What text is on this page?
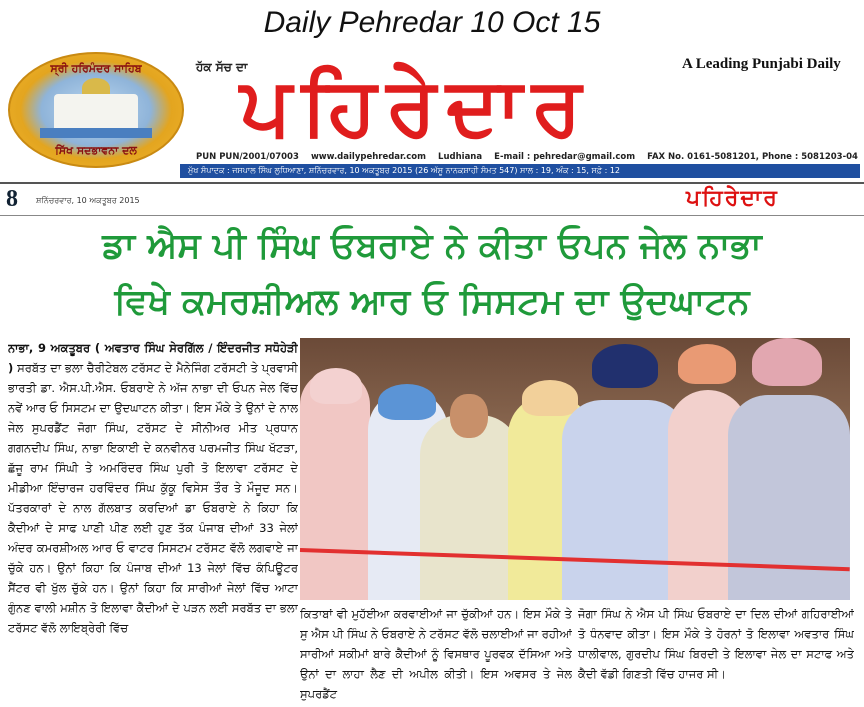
Daily Pehredar 10 Oct 15
ਸ੍ਰੀ ਹਰਿਮੰਦਰ ਸਾਹਿਬ
ਸਿੱਖ ਸਦਭਾਵਨਾ ਦਲ
ਹੱਕ ਸੱਚ ਦਾ
ਪਹਿਰੇਦਾਰ	A Leading Punjabi Daily
PUN PUN/2001/07003 www.dailypehredar.com Ludhiana E-mail : pehredar@gmail.com FAX No. 0161-5081201, Phone : 5081203-04
ਮੁੱਖ ਸੰਪਾਦਕ : ਜਸਪਾਲ ਸਿੰਘ ਲੁਧਿਆਣਾ, ਸ਼ਨਿੱਚਰਵਾਰ, 10 ਅਕਤੂਬਰ 2015 (26 ਅੱਸੂ ਨਾਨਕਸ਼ਾਹੀ ਸੰਮਤ 547) ਸਾਲ : 19, ਅੰਕ : 15, ਸਫ਼ੇ : 12
8 ਸ਼ਨਿੱਚਰਵਾਰ, 10 ਅਕਤੂਬਰ 2015	ਪਹਿਰੇਦਾਰ
ਡਾ ਐਸ ਪੀ ਸਿੰਘ ਓਬਰਾਏ ਨੇ ਕੀਤਾ ਓਪਨ ਜੇਲ ਨਾਭਾ
ਵਿਖੇ ਕਮਰਸ਼ੀਅਲ ਆਰ ਓ ਸਿਸਟਮ ਦਾ ਉਦਘਾਟਨ
ਨਾਭਾ, 9 ਅਕਤੂਬਰ ( ਅਵਤਾਰ ਸਿੰਘ ਸੇਰਗਿੱਲ / ਇੰਦਰਜੀਤ ਸਧੋਹੇੜੀ ) ਸਰਬੱਤ ਦਾ ਭਲਾ ਚੈਰੀਟੇਬਲ ਟਰੱਸਟ ਦੇ ਮੈਨੇਜਿੰਗ ਟਰੱਸਟੀ ਤੇ ਪ੍ਰਵਾਸੀ ਭਾਰਤੀ ਡਾ. ਐਸ.ਪੀ.ਐਸ. ਓਬਰਾਏ ਨੇ ਅੱਜ ਨਾਭਾ ਦੀ ਓਪਨ ਜੇਲ ਵਿੱਚ ਨਵੇਂ ਆਰ ਓ ਸਿਸਟਮ ਦਾ ਉਦਘਾਟਨ ਕੀਤਾ। ਇਸ ਮੌਕੇ ਤੇ ਉਨਾਂ ਦੇ ਨਾਲ ਜੇਲ ਸੁਪਰਡੈਂਟ ਜੋਗਾ ਸਿੰਘ, ਟਰੱਸਟ ਦੇ ਸੀਨੀਅਰ ਮੀਤ ਪ੍ਰਧਾਨ ਗਗਨਦੀਪ ਸਿੰਘ, ਨਾਭਾ ਇਕਾਈ ਦੇ ਕਨਵੀਨਰ ਪਰਮਜੀਤ ਸਿੰਘ ਖੱਟੜਾ, ਛੱਜੂ ਰਾਮ ਸਿੰਘੀ ਤੇ ਅਮਰਿੰਦਰ ਸਿੰਘ ਪੁਰੀ ਤੋ ਇਲਾਵਾ ਟਰੱਸਟ ਦੇ ਮੀਡੀਆ ਇੰਚਾਰਜ ਹਰਵਿੰਦਰ ਸਿੰਘ ਕੁੱਕੂ ਵਿਸੇਸ ਤੌਰ ਤੇ ਮੌਜੂਦ ਸਨ। ਪੱਤਰਕਾਰਾਂ ਦੇ ਨਾਲ ਗੱਲਬਾਤ ਕਰਦਿਆਂ ਡਾ ਓਬਰਾਏ ਨੇ ਕਿਹਾ ਕਿ ਕੈਦੀਆਂ ਦੇ ਸਾਫ ਪਾਣੀ ਪੀਣ ਲਈ ਹੁਣ ਤੱਕ ਪੰਜਾਬ ਦੀਆਂ 33 ਜੇਲਾਂ ਅੰਦਰ ਕਮਰਸ਼ੀਅਲ ਆਰ ਓ ਵਾਟਰ ਸਿਸਟਮ ਟਰੱਸਟ ਵੱਲੋ ਲਗਵਾਏ ਜਾ ਚੁੱਕੇ ਹਨ। ਉਨਾਂ ਕਿਹਾ ਕਿ ਪੰਜਾਬ ਦੀਆਂ 13 ਜੇਲਾਂ ਵਿੱਚ ਕੰਪਿਊਟਰ ਸੈਂਟਰ ਵੀ ਖੁੱਲ ਚੁੱਕੇ ਹਨ। ਉਨਾਂ ਕਿਹਾ ਕਿ ਸਾਰੀਆਂ ਜੇਲਾਂ ਵਿੱਚ ਆਟਾ ਗੁੰਨਣ ਵਾਲੀ ਮਸ਼ੀਨ ਤੋ ਇਲਾਵਾ ਕੈਦੀਆਂ ਦੇ ਪੜਨ ਲਈ ਸਰਬੱਤ ਦਾ ਭਲਾ ਟਰੱਸਟ ਵੱਲੋ ਲਾਇਬ੍ਰੇਰੀ ਵਿੱਚ
ਕਿਤਾਬਾਂ ਵੀ ਮੁਹੱਈਆ ਕਰਵਾਈਆਂ ਜਾ ਚੁੱਕੀਆਂ ਹਨ। ਇਸ ਮੌਕੇ ਤੇ ਸੁ ਐਸ ਪੀ ਸਿੰਘ ਨੇ ਓਬਰਾਏ ਨੇ ਟਰੱਸਟ ਵੱਲੋ ਚਲਾਈਆਂ ਜਾ ਰਹੀਆਂ ਸਾਰੀਆਂ ਸਕੀਮਾਂ ਬਾਰੇ ਕੈਦੀਆਂ ਨੂੰ ਵਿਸਥਾਰ ਪੂਰਵਕ ਦੱਸਿਆ ਅਤੇ ਉਨਾਂ ਦਾ ਲਾਹਾ ਲੈਣ ਦੀ ਅਪੀਲ ਕੀਤੀ। ਇਸ ਅਵਸਰ ਤੇ ਜੇਲ ਸੁਪਰਡੈਂਟ
ਜੋਗਾ ਸਿੰਘ ਨੇ ਐਸ ਪੀ ਸਿੰਘ ਓਬਰਾਏ ਦਾ ਦਿਲ ਦੀਆਂ ਗਹਿਰਾਈਆਂ ਤੋ ਧੰਨਵਾਦ ਕੀਤਾ। ਇਸ ਮੌਕੇ ਤੇ ਹੋਰਨਾਂ ਤੋ ਇਲਾਵਾ ਅਵਤਾਰ ਸਿੰਘ ਧਾਲੀਵਾਲ, ਗੁਰਦੀਪ ਸਿੰਘ ਬਿਰਦੀ ਤੇ ਇਲਾਵਾ ਜੇਲ ਦਾ ਸਟਾਫ ਅਤੇ ਕੈਦੀ ਵੱਡੀ ਗਿਣਤੀ ਵਿੱਚ ਹਾਜਰ ਸੀ।
